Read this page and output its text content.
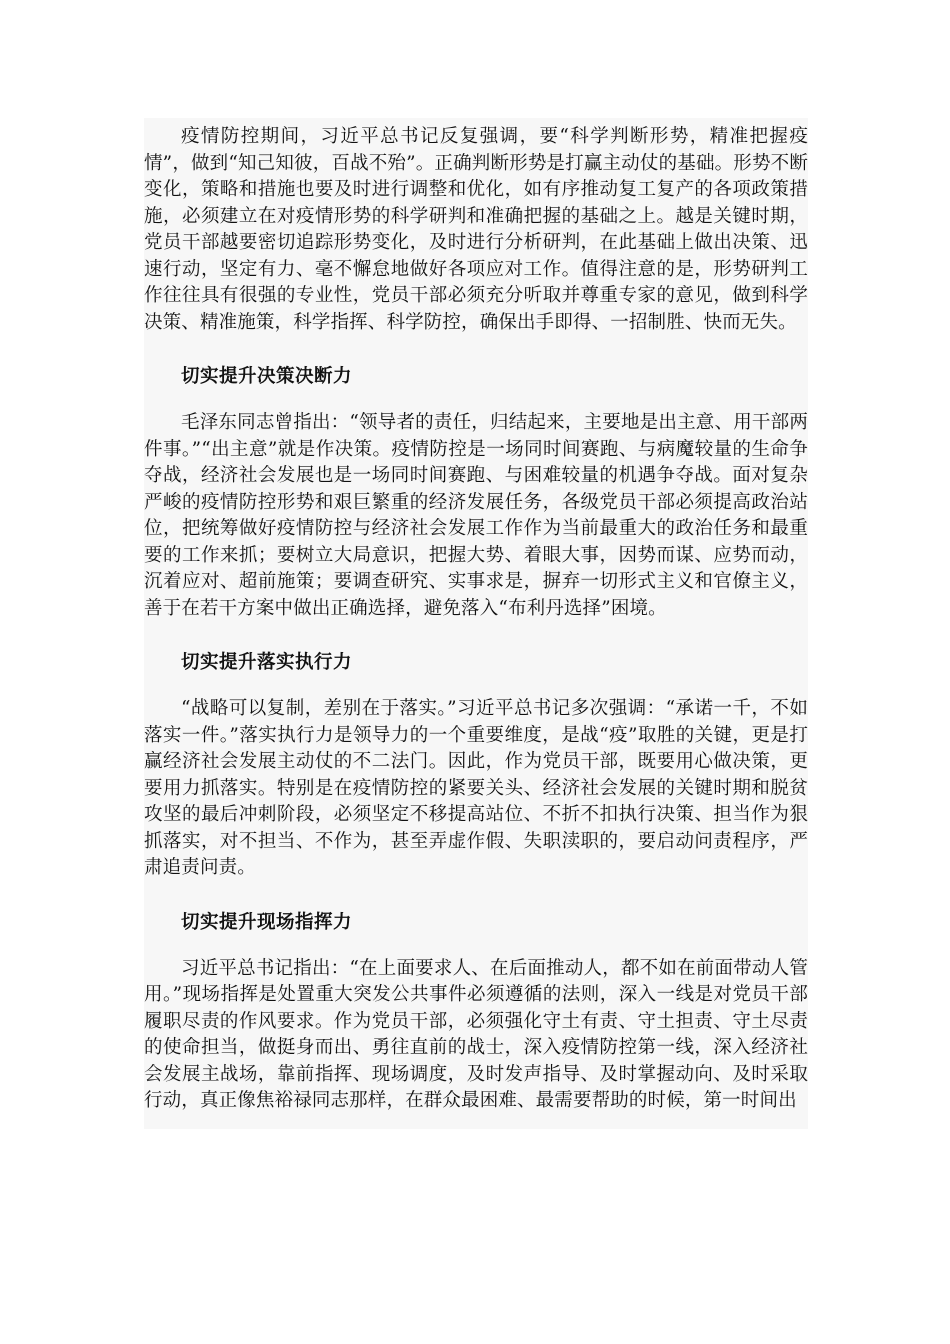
疫情防控期间，习近平总书记反复强调，要“科学判断形势，精准把握疫情”，做到“知己知彼，百战不殆”。正确判断形势是打赢主动仗的基础。形势不断变化，策略和措施也要及时进行调整和优化，如有序推动复工复产的各项政策措施，必须建立在对疫情形势的科学研判和准确把握的基础之上。越是关键时期，党员干部越要密切追踪形势变化，及时进行分析研判，在此基础上做出决策、迅速行动，坚定有力、毫不懈怠地做好各项应对工作。值得注意的是，形势研判工作往往具有很强的专业性，党员干部必须充分听取并尊重专家的意见，做到科学决策、精准施策，科学指挥、科学防控，确保出手即得、一招制胜、快而无失。

切实提升决策决断力

毛泽东同志曾指出：“领导者的责任，归结起来，主要地是出主意、用干部两件事。”“出主意”就是作决策。疫情防控是一场同时间赛跑、与病魔较量的生命争夺战，经济社会发展也是一场同时间赛跑、与困难较量的机遇争夺战。面对复杂严峻的疫情防控形势和艰巨繁重的经济发展任务，各级党员干部必须提高政治站位，把统筹做好疫情防控与经济社会发展工作作为当前最重大的政治任务和最重要的工作来抓；要树立大局意识，把握大势、着眼大事，因势而谋、应势而动，沉着应对、超前施策；要调查研究、实事求是，摒弃一切形式主义和官僚主义，善于在若干方案中做出正确选择，避免落入“布利丹选择”困境。

切实提升落实执行力

“战略可以复制，差别在于落实。”习近平总书记多次强调：“承诺一千，不如落实一件。”落实执行力是领导力的一个重要维度，是战“疫”取胜的关键，更是打赢经济社会发展主动仗的不二法门。因此，作为党员干部，既要用心做决策，更要用力抓落实。特别是在疫情防控的紧要关头、经济社会发展的关键时期和脱贫攻坚的最后冲刺阶段，必须坚定不移提高站位、不折不扣执行决策、担当作为狠抓落实，对不担当、不作为，甚至弄虚作假、失职渎职的，要启动问责程序，严肃追责问责。

切实提升现场指挥力

习近平总书记指出：“在上面要求人、在后面推动人，都不如在前面带动人管用。”现场指挥是处置重大突发公共事件必须遵循的法则，深入一线是对党员干部履职尽责的作风要求。作为党员干部，必须强化守土有责、守土担责、守土尽责的使命担当，做挺身而出、勇往直前的战士，深入疫情防控第一线，深入经济社会发展主战场，靠前指挥、现场调度，及时发声指导、及时掌握动向、及时采取行动，真正像焦裕禄同志那样，在群众最困难、最需要帮助的时候，第一时间出
